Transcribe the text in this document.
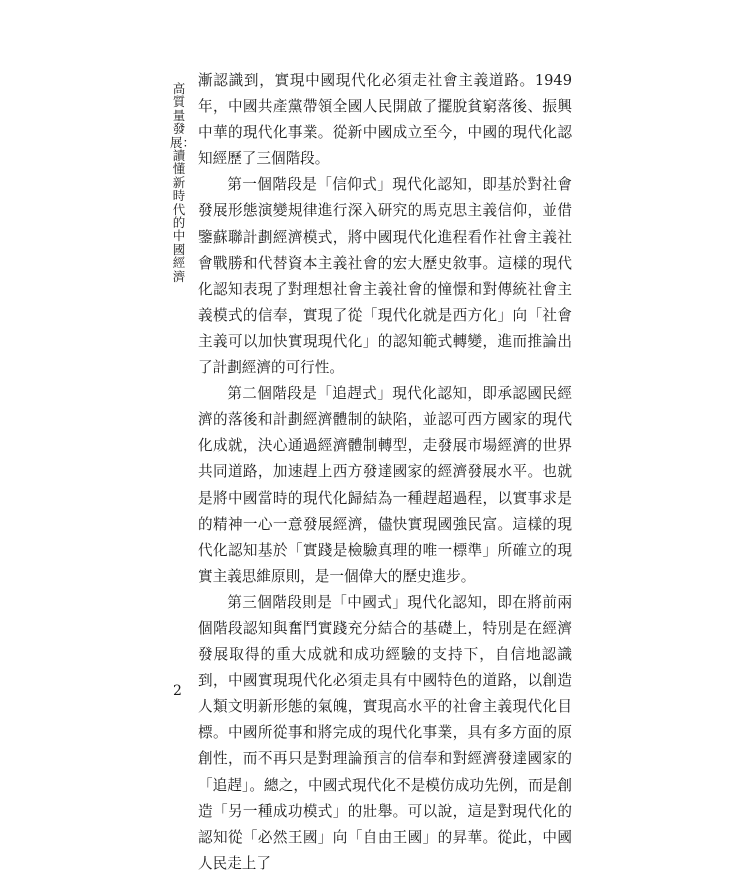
高質量發展：讀懂新時代的中國經濟

漸認識到，實現中國現代化必須走社會主義道路。1949 年，中國共產黨帶領全國人民開啟了擺脫貧窮落後、振興中華的現代化事業。從新中國成立至今，中國的現代化認知經歷了三個階段。

第一個階段是「信仰式」現代化認知，即基於對社會發展形態演變規律進行深入研究的馬克思主義信仰，並借鑒蘇聯計劃經濟模式，將中國現代化進程看作社會主義社會戰勝和代替資本主義社會的宏大歷史敘事。這樣的現代化認知表現了對理想社會主義社會的憧憬和對傳統社會主義模式的信奉，實現了從「現代化就是西方化」向「社會主義可以加快實現現代化」的認知範式轉變，進而推論出了計劃經濟的可行性。

第二個階段是「追趕式」現代化認知，即承認國民經濟的落後和計劃經濟體制的缺陷，並認可西方國家的現代化成就，決心通過經濟體制轉型，走發展市場經濟的世界共同道路，加速趕上西方發達國家的經濟發展水平。也就是將中國當時的現代化歸結為一種趕超過程，以實事求是的精神一心一意發展經濟，儘快實現國強民富。這樣的現代化認知基於「實踐是檢驗真理的唯一標準」所確立的現實主義思維原則，是一個偉大的歷史進步。

第三個階段則是「中國式」現代化認知，即在將前兩個階段認知與奮鬥實踐充分結合的基礎上，特別是在經濟發展取得的重大成就和成功經驗的支持下，自信地認識到，中國實現現代化必須走具有中國特色的道路，以創造人類文明新形態的氣魄，實現高水平的社會主義現代化目標。中國所從事和將完成的現代化事業，具有多方面的原創性，而不再只是對理論預言的信奉和對經濟發達國家的「追趕」。總之，中國式現代化不是模仿成功先例，而是創造「另一種成功模式」的壯舉。可以說，這是對現代化的認知從「必然王國」向「自由王國」的昇華。從此，中國人民走上了

2
